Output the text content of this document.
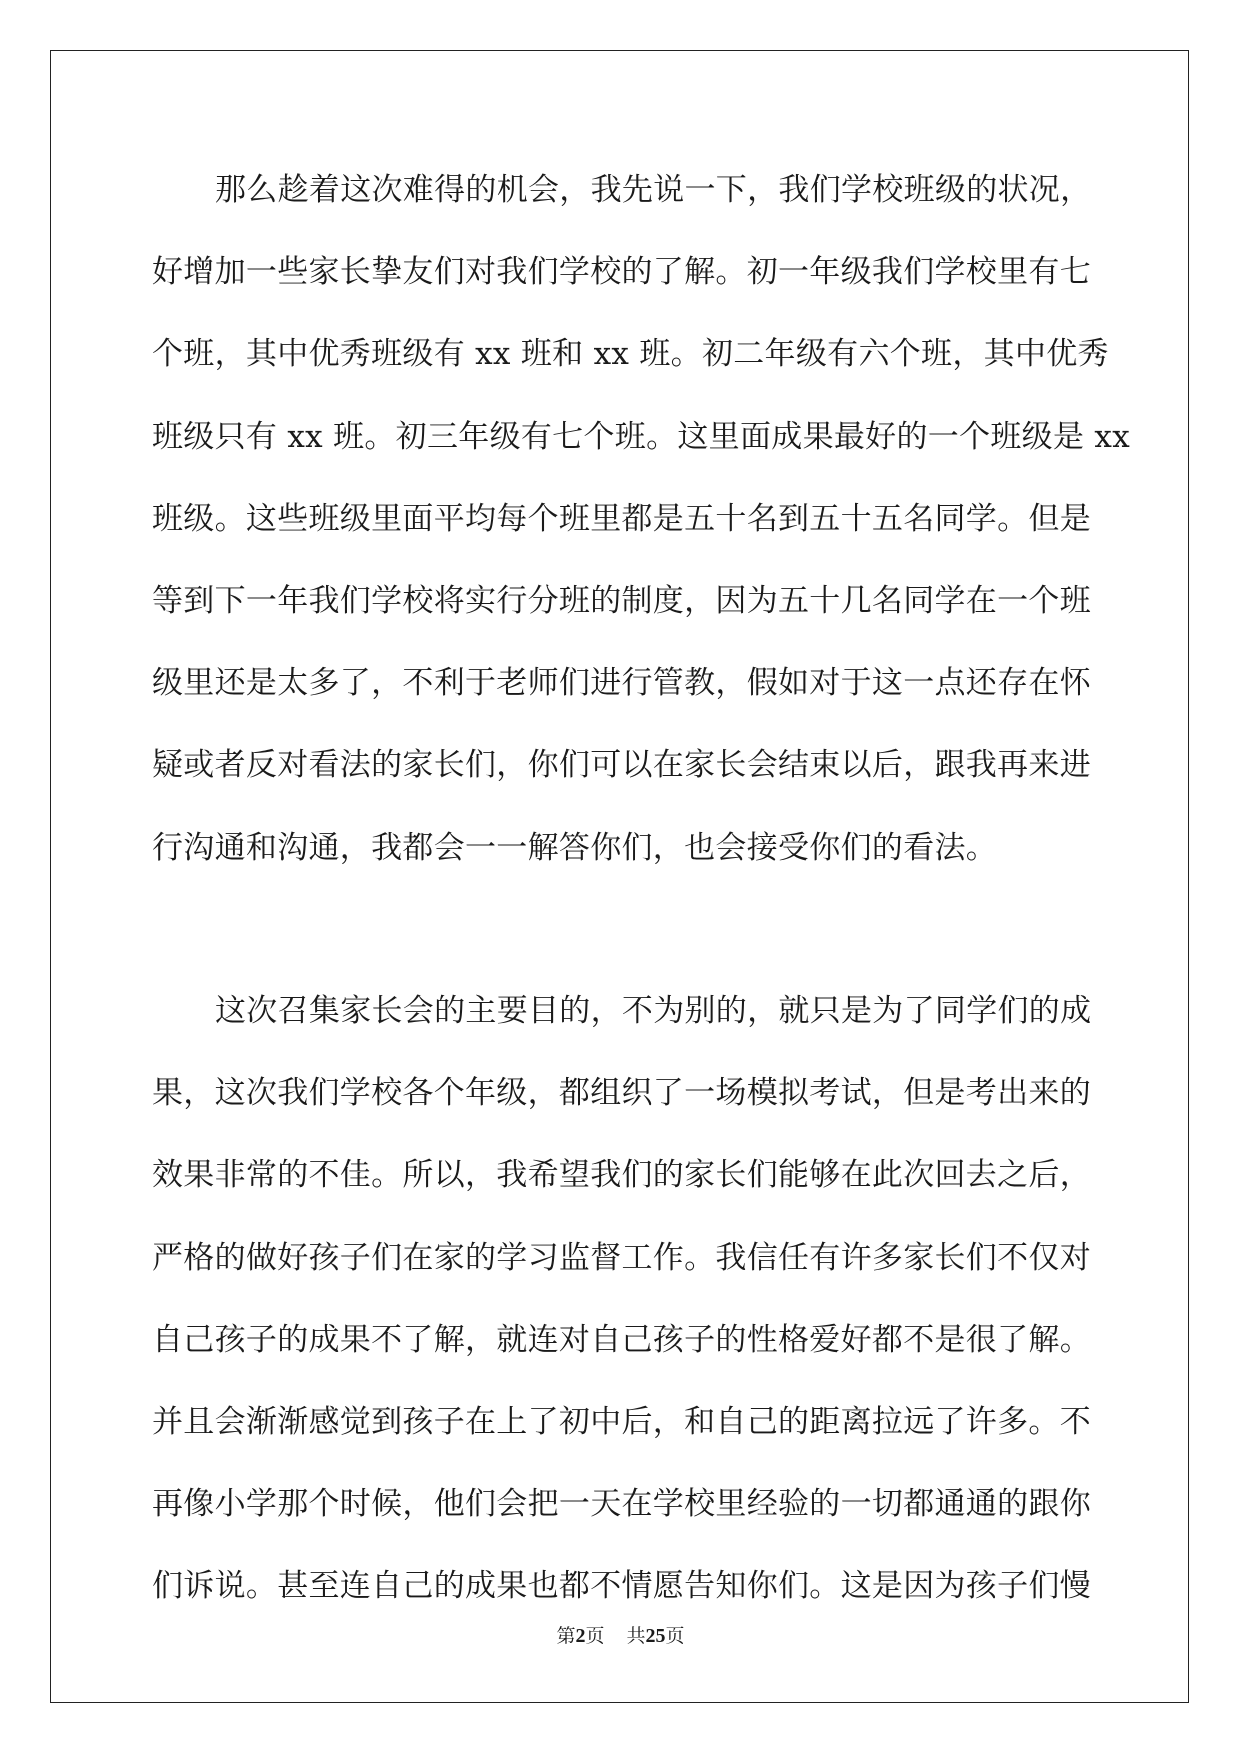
那么趁着这次难得的机会，我先说一下，我们学校班级的状况，
好增加一些家长挚友们对我们学校的了解。初一年级我们学校里有七
个班，其中优秀班级有 xx 班和 xx 班。初二年级有六个班，其中优秀
班级只有 xx 班。初三年级有七个班。这里面成果最好的一个班级是 xx
班级。这些班级里面平均每个班里都是五十名到五十五名同学。但是
等到下一年我们学校将实行分班的制度，因为五十几名同学在一个班
级里还是太多了，不利于老师们进行管教，假如对于这一点还存在怀
疑或者反对看法的家长们，你们可以在家长会结束以后，跟我再来进
行沟通和沟通，我都会一一解答你们，也会接受你们的看法。
这次召集家长会的主要目的，不为别的，就只是为了同学们的成
果，这次我们学校各个年级，都组织了一场模拟考试，但是考出来的
效果非常的不佳。所以，我希望我们的家长们能够在此次回去之后，
严格的做好孩子们在家的学习监督工作。我信任有许多家长们不仅对
自己孩子的成果不了解，就连对自己孩子的性格爱好都不是很了解。
并且会渐渐感觉到孩子在上了初中后，和自己的距离拉远了许多。不
再像小学那个时候，他们会把一天在学校里经验的一切都通通的跟你
们诉说。甚至连自己的成果也都不情愿告知你们。这是因为孩子们慢
第2页 共25页
